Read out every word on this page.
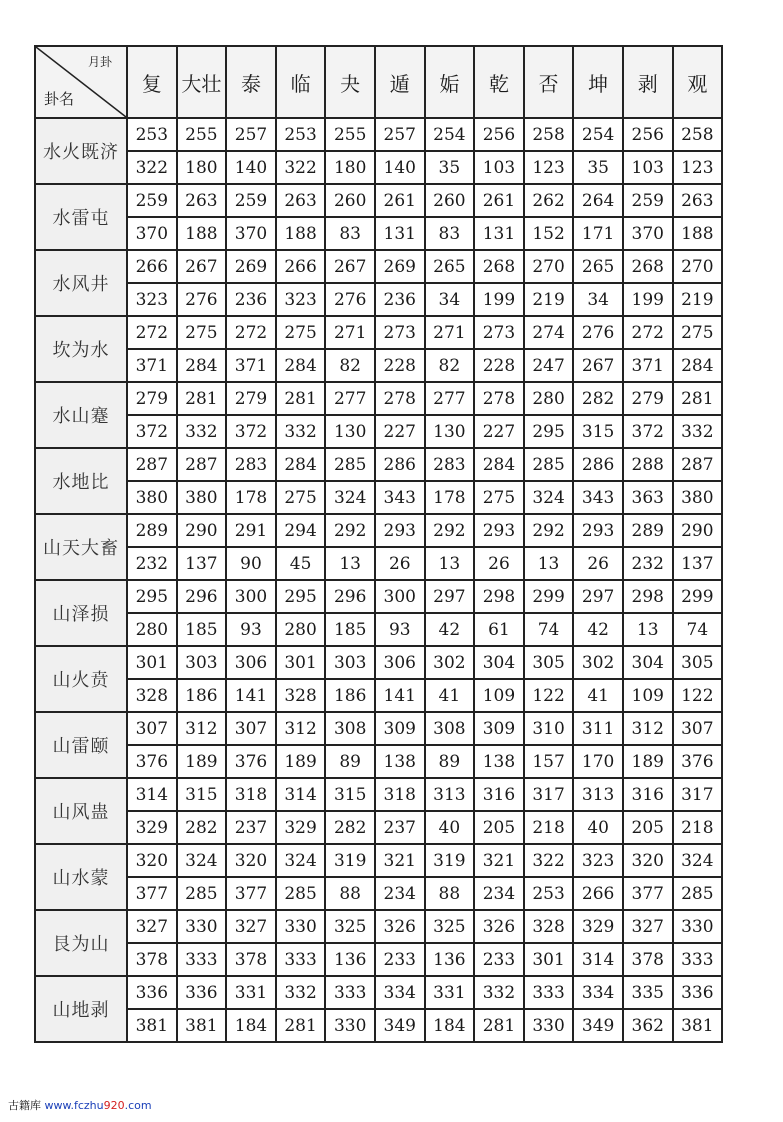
月卦
卦名	复	大壮	泰	临	夬	遁	姤	乾	否	坤	剥	观
水火既济	253	255	257	253	255	257	254	256	258	254	256	258
	322	180	140	322	180	140	35	103	123	35	103	123
水雷屯	259	263	259	263	260	261	260	261	262	264	259	263
	370	188	370	188	83	131	83	131	152	171	370	188
水风井	266	267	269	266	267	269	265	268	270	265	268	270
	323	276	236	323	276	236	34	199	219	34	199	219
坎为水	272	275	272	275	271	273	271	273	274	276	272	275
	371	284	371	284	82	228	82	228	247	267	371	284
水山蹇	279	281	279	281	277	278	277	278	280	282	279	281
	372	332	372	332	130	227	130	227	295	315	372	332
水地比	287	287	283	284	285	286	283	284	285	286	288	287
	380	380	178	275	324	343	178	275	324	343	363	380
山天大畜	289	290	291	294	292	293	292	293	292	293	289	290
	232	137	90	45	13	26	13	26	13	26	232	137
山泽损	295	296	300	295	296	300	297	298	299	297	298	299
	280	185	93	280	185	93	42	61	74	42	13	74
山火贲	301	303	306	301	303	306	302	304	305	302	304	305
	328	186	141	328	186	141	41	109	122	41	109	122
山雷颐	307	312	307	312	308	309	308	309	310	311	312	307
	376	189	376	189	89	138	89	138	157	170	189	376
山风蛊	314	315	318	314	315	318	313	316	317	313	316	317
	329	282	237	329	282	237	40	205	218	40	205	218
山水蒙	320	324	320	324	319	321	319	321	322	323	320	324
	377	285	377	285	88	234	88	234	253	266	377	285
艮为山	327	330	327	330	325	326	325	326	328	329	327	330
	378	333	378	333	136	233	136	233	301	314	378	333
山地剥	336	336	331	332	333	334	331	332	333	334	335	336
	381	381	184	281	330	349	184	281	330	349	362	381
古籍库 www.fczhu920.com
